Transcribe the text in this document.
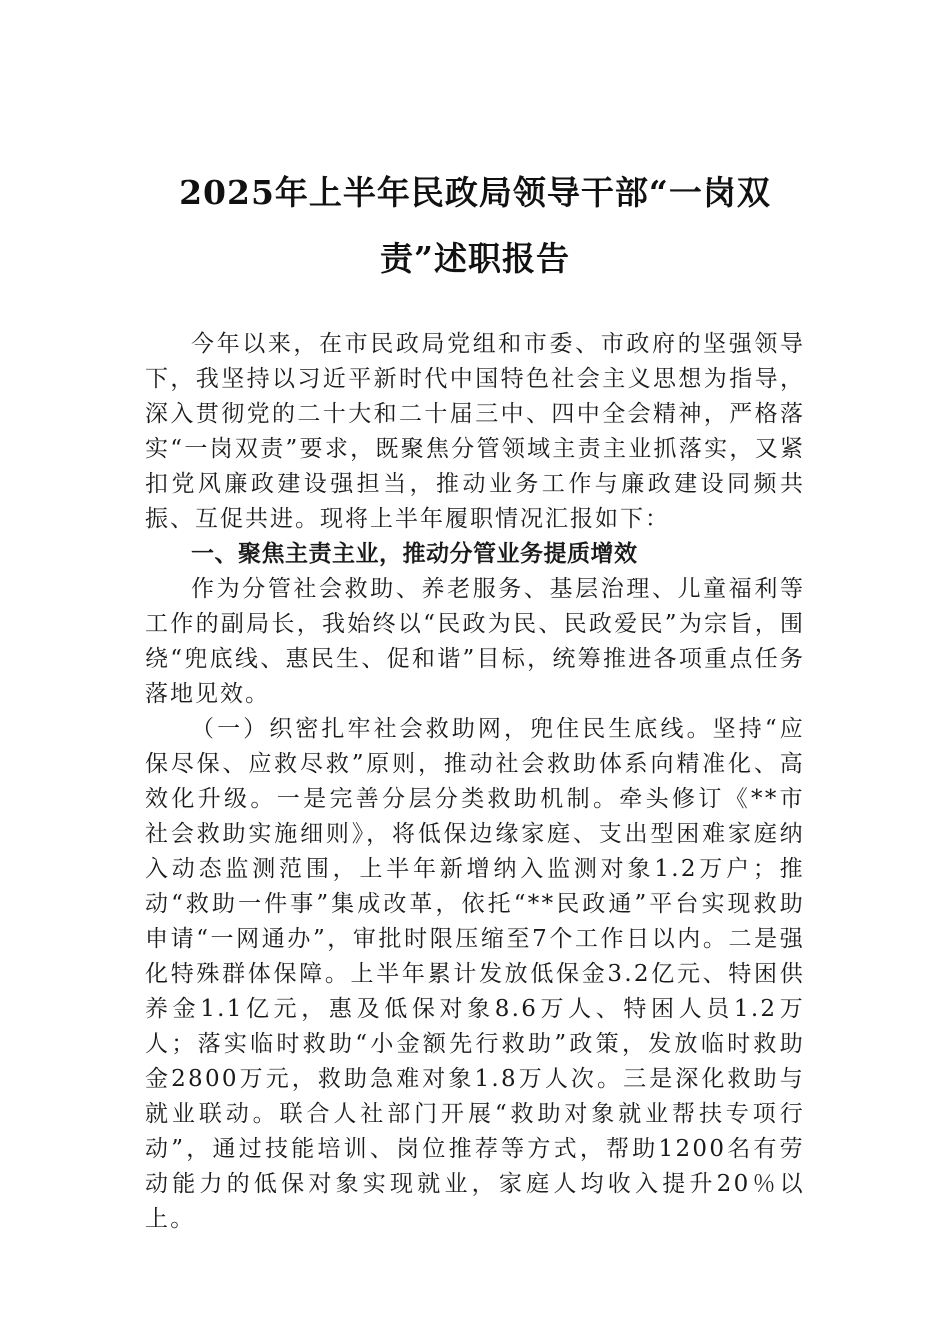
2025年上半年民政局领导干部“一岗双
责”述职报告

今年以来，在市民政局党组和市委、市政府的坚强领导下，我坚持以习近平新时代中国特色社会主义思想为指导，深入贯彻党的二十大和二十届三中、四中全会精神，严格落实“一岗双责”要求，既聚焦分管领域主责主业抓落实，又紧扣党风廉政建设强担当，推动业务工作与廉政建设同频共振、互促共进。现将上半年履职情况汇报如下：

一、聚焦主责主业，推动分管业务提质增效

作为分管社会救助、养老服务、基层治理、儿童福利等工作的副局长，我始终以“民政为民、民政爱民”为宗旨，围绕“兜底线、惠民生、促和谐”目标，统筹推进各项重点任务落地见效。

（一）织密扎牢社会救助网，兜住民生底线。坚持“应保尽保、应救尽救”原则，推动社会救助体系向精准化、高效化升级。一是完善分层分类救助机制。牵头修订《**市社会救助实施细则》，将低保边缘家庭、支出型困难家庭纳入动态监测范围，上半年新增纳入监测对象1.2万户；推动“救助一件事”集成改革，依托“**民政通”平台实现救助申请“一网通办”，审批时限压缩至7个工作日以内。二是强化特殊群体保障。上半年累计发放低保金3.2亿元、特困供养金1.1亿元，惠及低保对象8.6万人、特困人员1.2万人；落实临时救助“小金额先行救助”政策，发放临时救助金2800万元，救助急难对象1.8万人次。三是深化救助与就业联动。联合人社部门开展“救助对象就业帮扶专项行动”，通过技能培训、岗位推荐等方式，帮助1200名有劳动能力的低保对象实现就业，家庭人均收入提升20％以上。
